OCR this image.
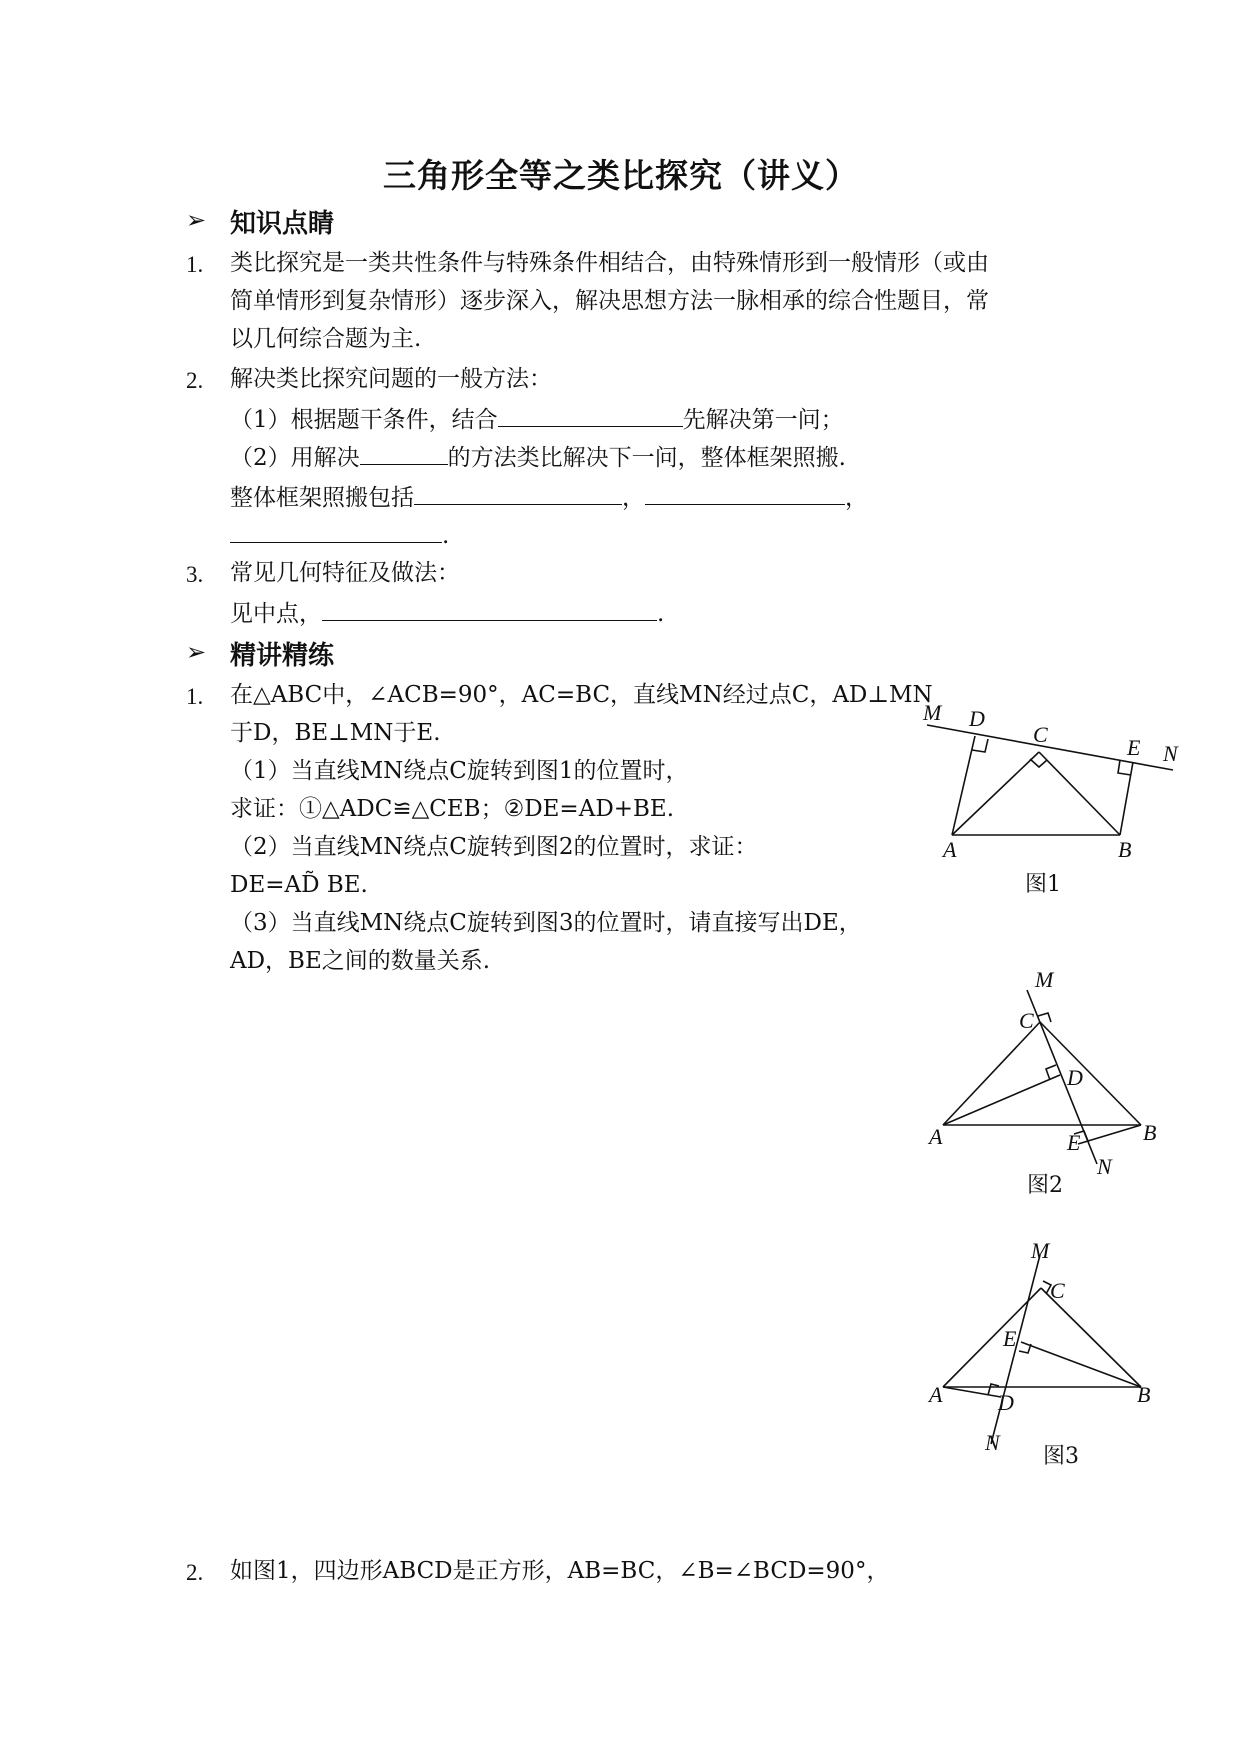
三角形全等之类比探究（讲义）
➢ 知识点睛
1. 类比探究是一类共性条件与特殊条件相结合，由特殊情形到一般情形（或由
简单情形到复杂情形）逐步深入，解决思想方法一脉相承的综合性题目，常
以几何综合题为主.
2. 解决类比探究问题的一般方法：
（1）根据题干条件，结合	先解决第一问；
（2）用解决	的方法类比解决下一问，整体框架照搬.
整体框架照搬包括	，	，
.
3. 常见几何特征及做法：
见中点，	.
➢ 精讲精练
1. 在△ABC中，∠ACB=90°，AC=BC，直线MN经过点C，AD⊥MN
于D，BE⊥MN于E.
（1）当直线MN绕点C旋转到图1的位置时，
求证：①△ADC≌△CEB；②DE=AD+BE.
（2）当直线MN绕点C旋转到图2的位置时，求证：
DE=AD̃ BE.
（3）当直线MN绕点C旋转到图3的位置时，请直接写出DE，
AD，BE之间的数量关系.
2. 如图1，四边形ABCD是正方形，AB=BC，∠B=∠BCD=90°，
M D
C
E N
A	B
图1
M
C
D
A	E	B
N
图2
M
C
E
A	D	B
N
图3
